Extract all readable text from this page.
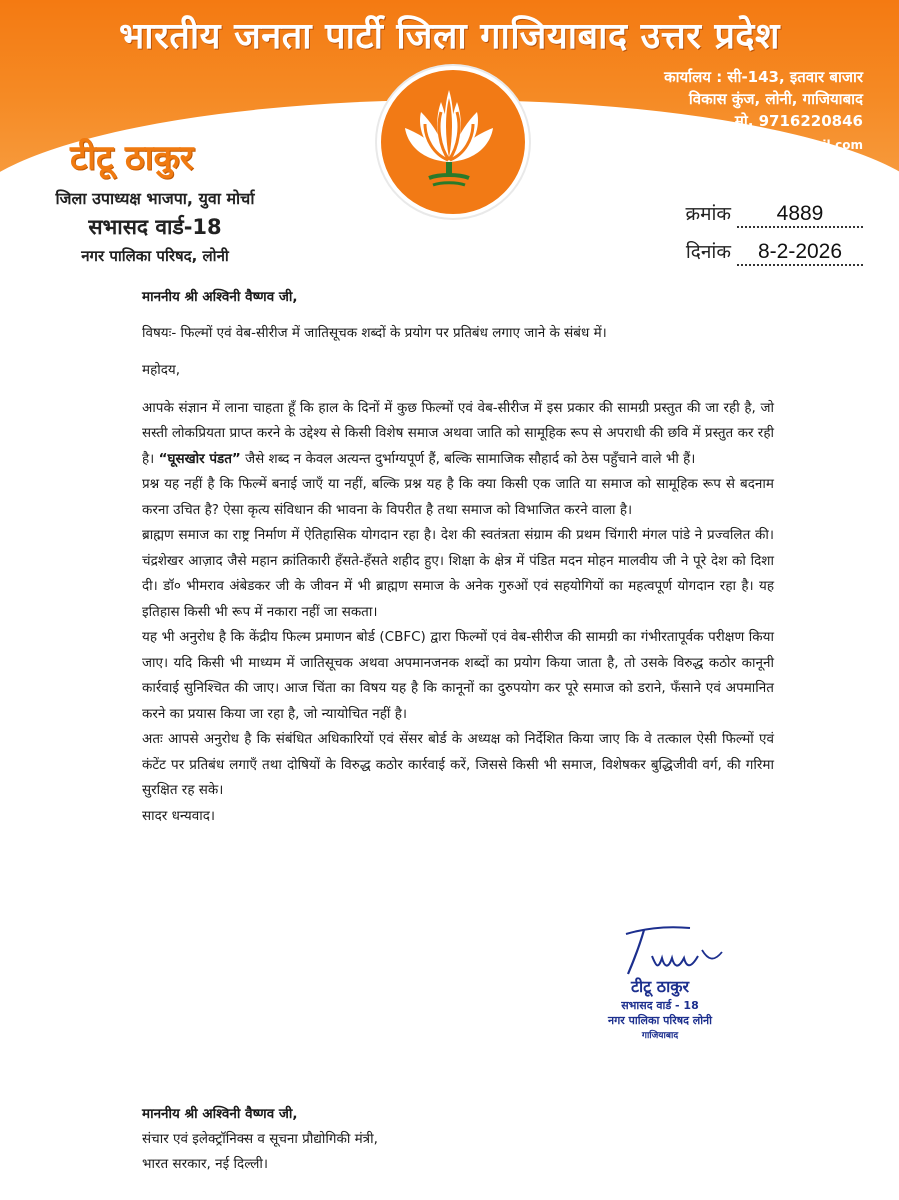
भारतीय जनता पार्टी जिला गाजियाबाद उत्तर प्रदेश
कार्यालय : सी-143, इतवार बाजार
विकास कुंज, लोनी, गाजियाबाद
मो. 9716220846
Email : titu.thakur55@gmail.com
टीटू ठाकुर
जिला उपाध्यक्ष भाजपा, युवा मोर्चा
सभासद वार्ड-18
नगर पालिका परिषद, लोनी
क्रमांक 4889
दिनांक 8-2-2026

माननीय श्री अश्विनी वैष्णव जी,

विषयः- फिल्मों एवं वेब-सीरीज में जातिसूचक शब्दों के प्रयोग पर प्रतिबंध लगाए जाने के संबंध में।

महोदय,

आपके संज्ञान में लाना चाहता हूँ कि हाल के दिनों में कुछ फिल्मों एवं वेब-सीरीज में इस प्रकार की सामग्री प्रस्तुत की जा रही है, जो सस्ती लोकप्रियता प्राप्त करने के उद्देश्य से किसी विशेष समाज अथवा जाति को सामूहिक रूप से अपराधी की छवि में प्रस्तुत कर रही है। “घूसखोर पंडत” जैसे शब्द न केवल अत्यन्त दुर्भाग्यपूर्ण हैं, बल्कि सामाजिक सौहार्द को ठेस पहुँचाने वाले भी हैं।

प्रश्न यह नहीं है कि फिल्में बनाई जाएँ या नहीं, बल्कि प्रश्न यह है कि क्या किसी एक जाति या समाज को सामूहिक रूप से बदनाम करना उचित है? ऐसा कृत्य संविधान की भावना के विपरीत है तथा समाज को विभाजित करने वाला है।

ब्राह्मण समाज का राष्ट्र निर्माण में ऐतिहासिक योगदान रहा है। देश की स्वतंत्रता संग्राम की प्रथम चिंगारी मंगल पांडे ने प्रज्वलित की। चंद्रशेखर आज़ाद जैसे महान क्रांतिकारी हँसते-हँसते शहीद हुए। शिक्षा के क्षेत्र में पंडित मदन मोहन मालवीय जी ने पूरे देश को दिशा दी। डॉ० भीमराव अंबेडकर जी के जीवन में भी ब्राह्मण समाज के अनेक गुरुओं एवं सहयोगियों का महत्वपूर्ण योगदान रहा है। यह इतिहास किसी भी रूप में नकारा नहीं जा सकता।

यह भी अनुरोध है कि केंद्रीय फिल्म प्रमाणन बोर्ड (CBFC) द्वारा फिल्मों एवं वेब-सीरीज की सामग्री का गंभीरतापूर्वक परीक्षण किया जाए। यदि किसी भी माध्यम में जातिसूचक अथवा अपमानजनक शब्दों का प्रयोग किया जाता है, तो उसके विरुद्ध कठोर कानूनी कार्रवाई सुनिश्चित की जाए। आज चिंता का विषय यह है कि कानूनों का दुरुपयोग कर पूरे समाज को डराने, फँसाने एवं अपमानित करने का प्रयास किया जा रहा है, जो न्यायोचित नहीं है।

अतः आपसे अनुरोध है कि संबंधित अधिकारियों एवं सेंसर बोर्ड के अध्यक्ष को निर्देशित किया जाए कि वे तत्काल ऐसी फिल्मों एवं कंटेंट पर प्रतिबंध लगाएँ तथा दोषियों के विरुद्ध कठोर कार्रवाई करें, जिससे किसी भी समाज, विशेषकर बुद्धिजीवी वर्ग, की गरिमा सुरक्षित रह सके।

सादर धन्यवाद।

टीटू ठाकुर
सभासद वार्ड - 18
नगर पालिका परिषद लोनी
गाजियाबाद
माननीय श्री अश्विनी वैष्णव जी,
संचार एवं इलेक्ट्रॉनिक्स व सूचना प्रौद्योगिकी मंत्री,
भारत सरकार, नई दिल्ली।
